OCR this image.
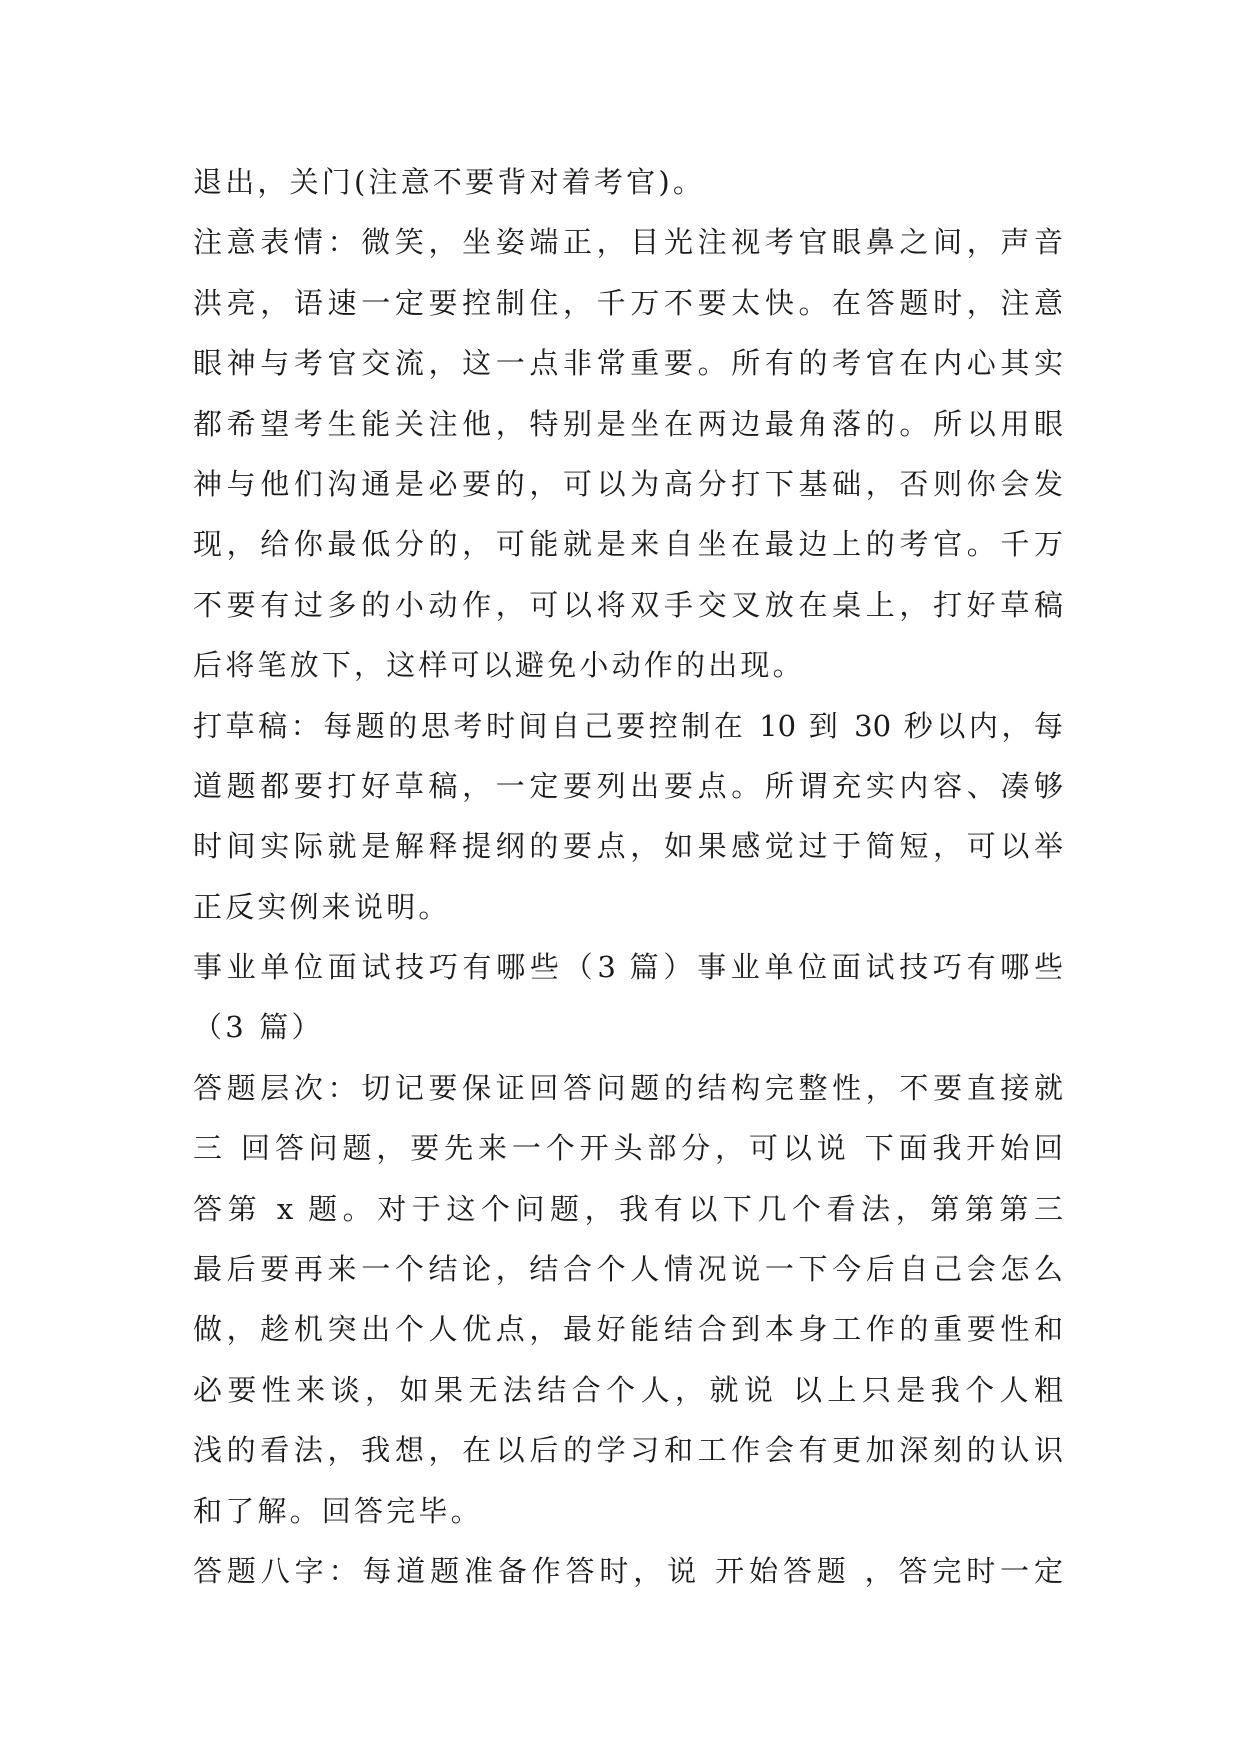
退出，关门(注意不要背对着考官)。
注意表情：微笑，坐姿端正，目光注视考官眼鼻之间，声音
洪亮，语速一定要控制住，千万不要太快。在答题时，注意
眼神与考官交流，这一点非常重要。所有的考官在内心其实
都希望考生能关注他，特别是坐在两边最角落的。所以用眼
神与他们沟通是必要的，可以为高分打下基础，否则你会发
现，给你最低分的，可能就是来自坐在最边上的考官。千万
不要有过多的小动作，可以将双手交叉放在桌上，打好草稿
后将笔放下，这样可以避免小动作的出现。
打草稿：每题的思考时间自己要控制在 10 到 30 秒以内，每
道题都要打好草稿，一定要列出要点。所谓充实内容、凑够
时间实际就是解释提纲的要点，如果感觉过于简短，可以举
正反实例来说明。
事业单位面试技巧有哪些（3 篇）事业单位面试技巧有哪些
（3 篇）
答题层次：切记要保证回答问题的结构完整性，不要直接就
三 回答问题，要先来一个开头部分，可以说 下面我开始回
答第 x 题。对于这个问题，我有以下几个看法，第第第三
最后要再来一个结论，结合个人情况说一下今后自己会怎么
做，趁机突出个人优点，最好能结合到本身工作的重要性和
必要性来谈，如果无法结合个人，就说 以上只是我个人粗
浅的看法，我想，在以后的学习和工作会有更加深刻的认识
和了解。回答完毕。
答题八字：每道题准备作答时，说 开始答题 ，答完时一定
